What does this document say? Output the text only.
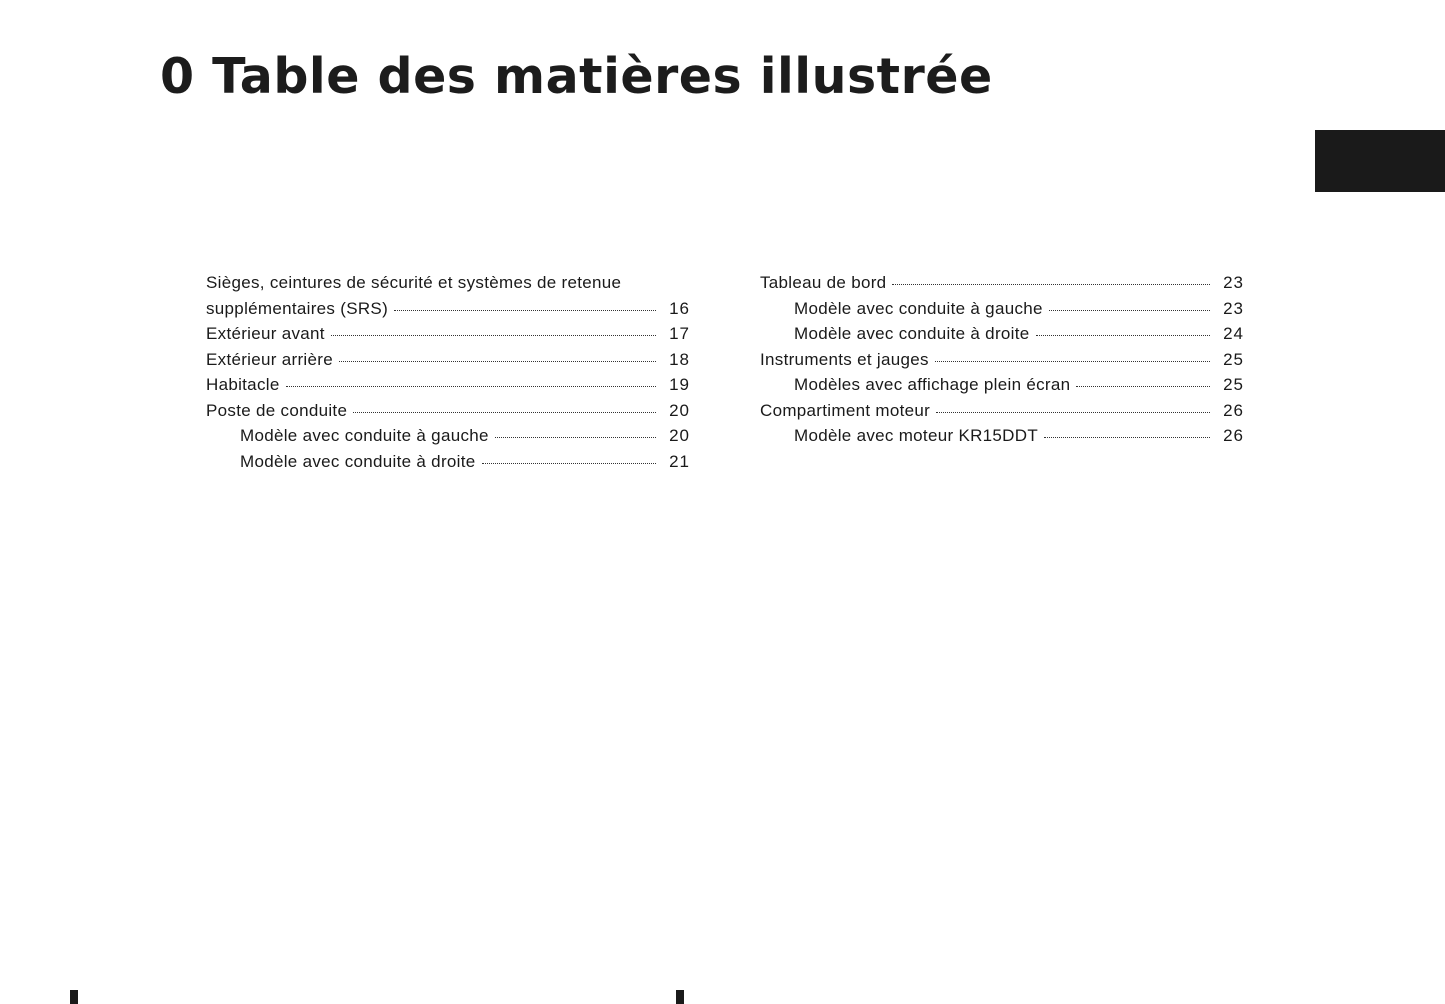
0 Table des matières illustrée
Sièges, ceintures de sécurité et systèmes de retenue
supplémentaires (SRS)	16
Extérieur avant	17
Extérieur arrière	18
Habitacle	19
Poste de conduite	20
Modèle avec conduite à gauche	20
Modèle avec conduite à droite	21
Tableau de bord	23
Modèle avec conduite à gauche	23
Modèle avec conduite à droite	24
Instruments et jauges	25
Modèles avec affichage plein écran	25
Compartiment moteur	26
Modèle avec moteur KR15DDT	26
